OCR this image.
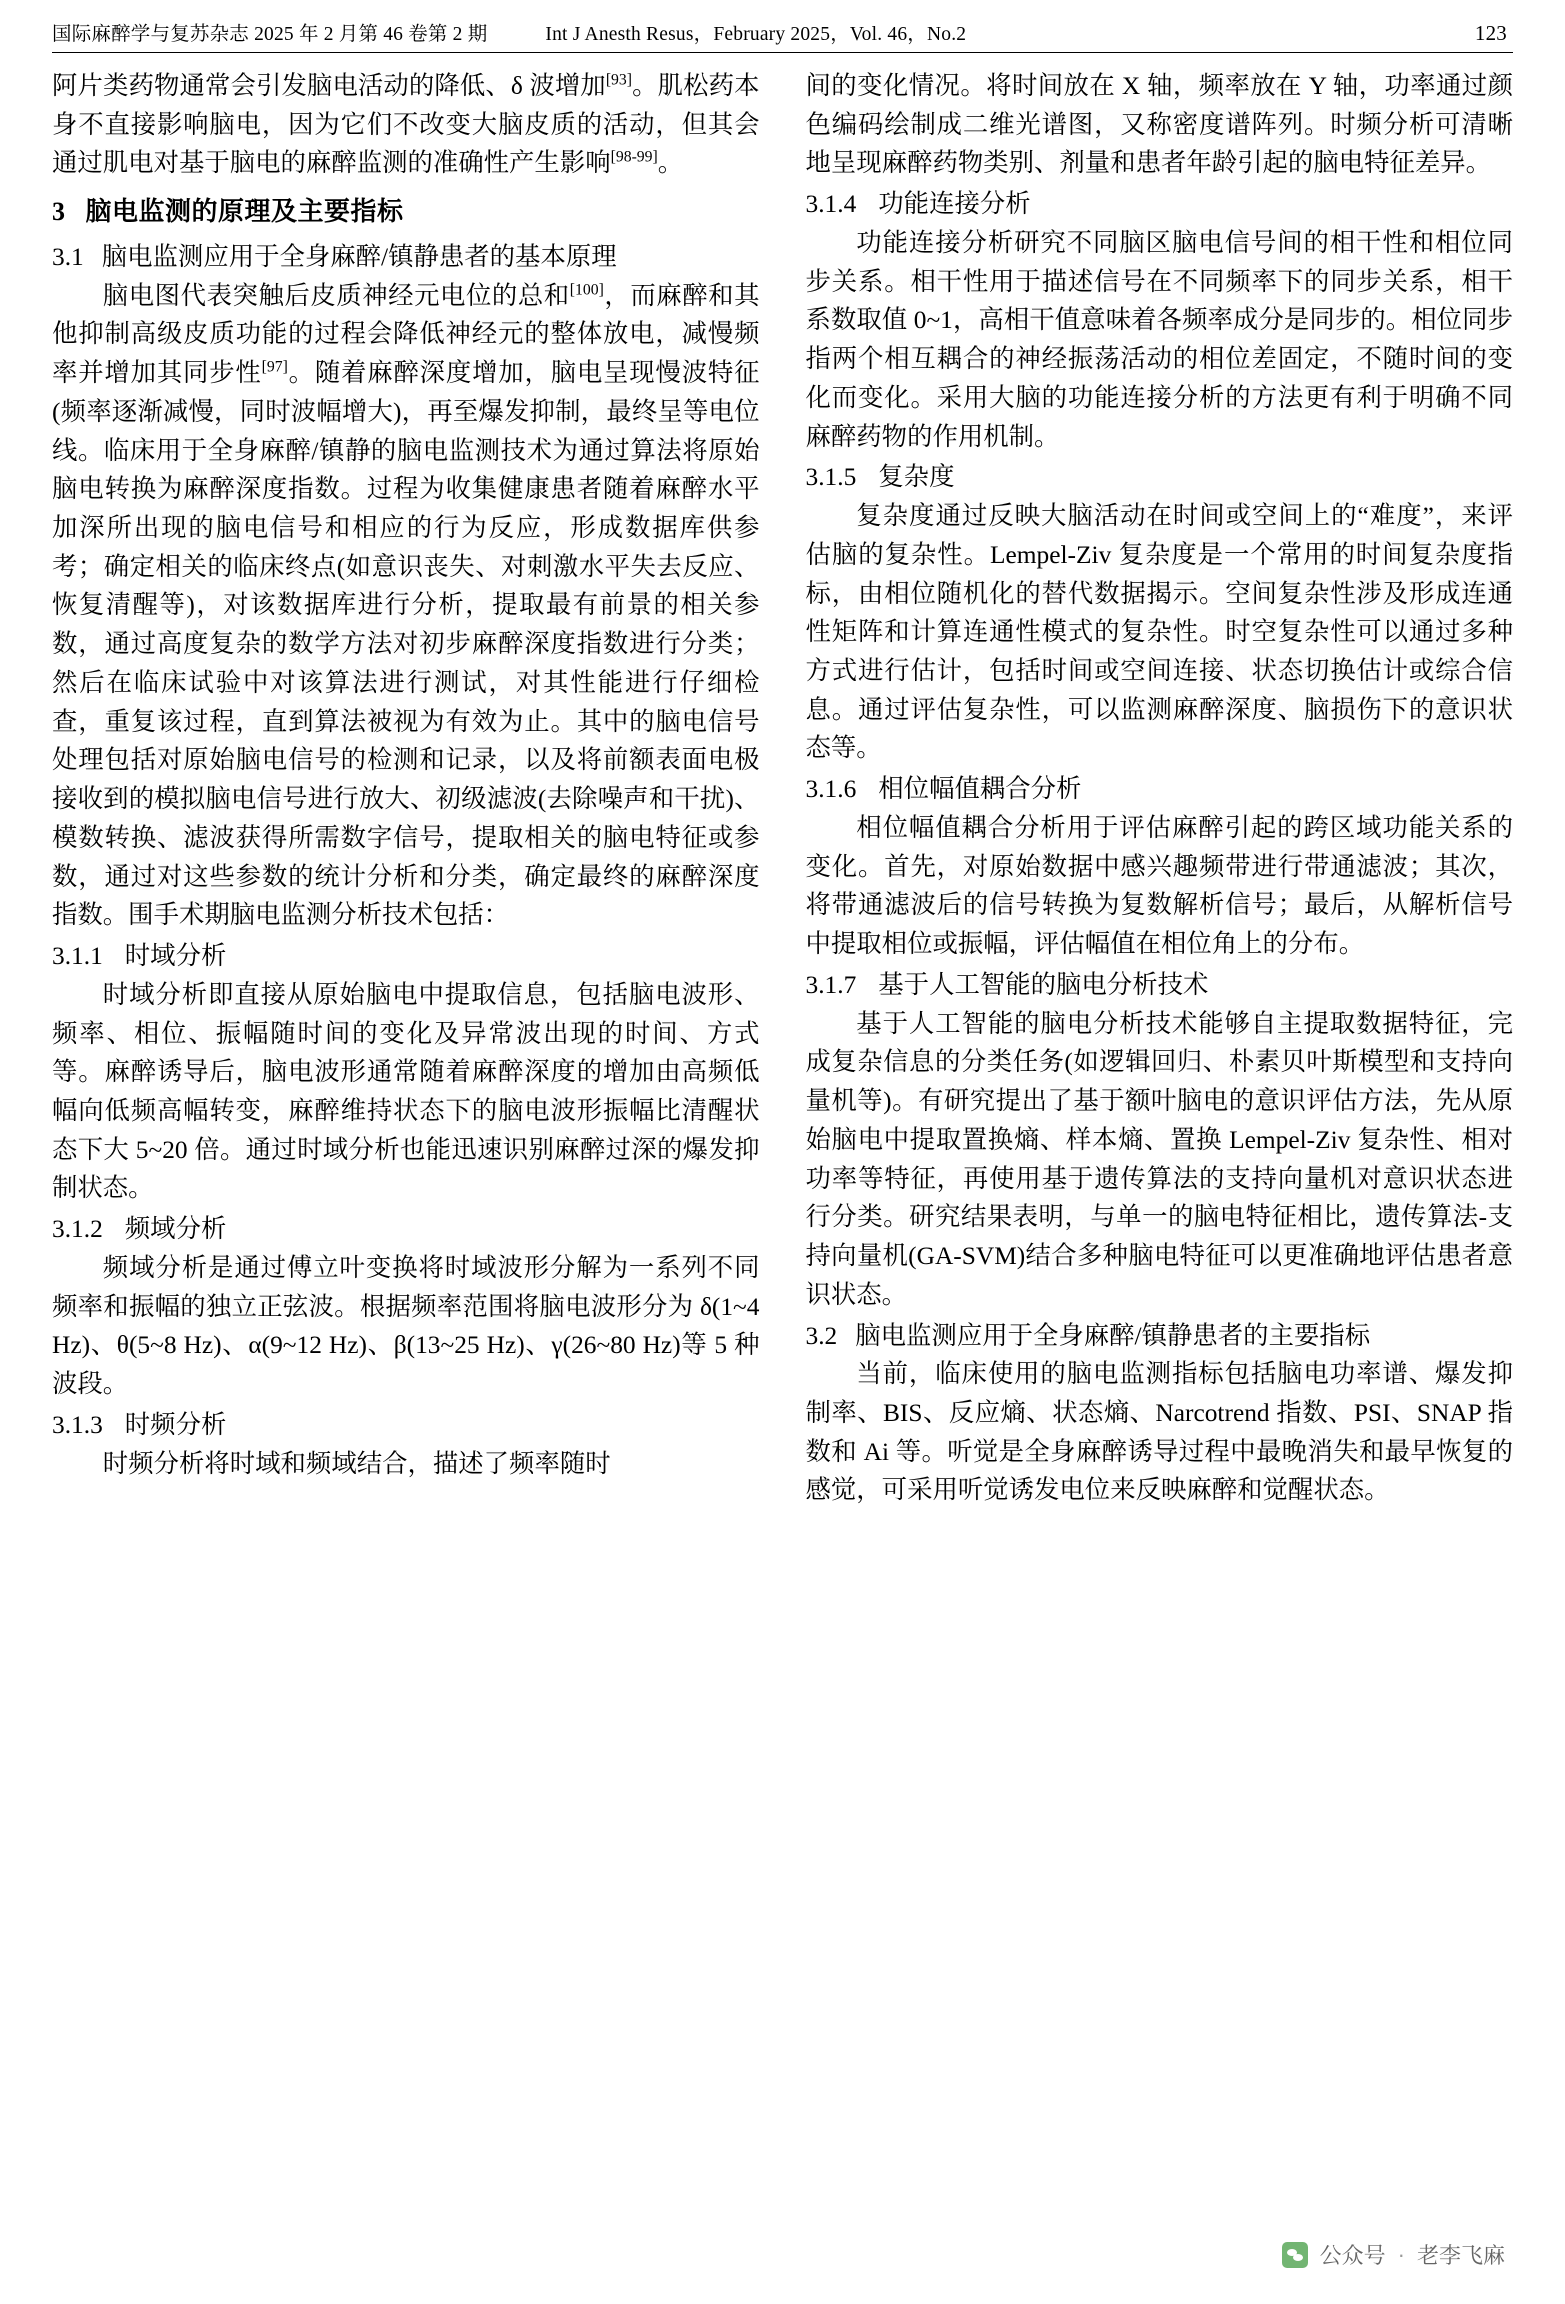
国际麻醉学与复苏杂志 2025 年 2 月第 46 卷第 2 期	Int J Anesth Resus，February 2025，Vol. 46，No.2	123

阿片类药物通常会引发脑电活动的降低、δ 波增加[93]。肌松药本身不直接影响脑电，因为它们不改变大脑皮质的活动，但其会通过肌电对基于脑电的麻醉监测的准确性产生影响[98-99]。

3 脑电监测的原理及主要指标
3.1 脑电监测应用于全身麻醉/镇静患者的基本原理

脑电图代表突触后皮质神经元电位的总和[100]，而麻醉和其他抑制高级皮质功能的过程会降低神经元的整体放电，减慢频率并增加其同步性[97]。随着麻醉深度增加，脑电呈现慢波特征(频率逐渐减慢，同时波幅增大)，再至爆发抑制，最终呈等电位线。临床用于全身麻醉/镇静的脑电监测技术为通过算法将原始脑电转换为麻醉深度指数。过程为收集健康患者随着麻醉水平加深所出现的脑电信号和相应的行为反应，形成数据库供参考；确定相关的临床终点(如意识丧失、对刺激水平失去反应、恢复清醒等)，对该数据库进行分析，提取最有前景的相关参数，通过高度复杂的数学方法对初步麻醉深度指数进行分类；然后在临床试验中对该算法进行测试，对其性能进行仔细检查，重复该过程，直到算法被视为有效为止。其中的脑电信号处理包括对原始脑电信号的检测和记录，以及将前额表面电极接收到的模拟脑电信号进行放大、初级滤波(去除噪声和干扰)、模数转换、滤波获得所需数字信号，提取相关的脑电特征或参数，通过对这些参数的统计分析和分类，确定最终的麻醉深度指数。围手术期脑电监测分析技术包括：

3.1.1 时域分析

时域分析即直接从原始脑电中提取信息，包括脑电波形、频率、相位、振幅随时间的变化及异常波出现的时间、方式等。麻醉诱导后，脑电波形通常随着麻醉深度的增加由高频低幅向低频高幅转变，麻醉维持状态下的脑电波形振幅比清醒状态下大 5~20 倍。通过时域分析也能迅速识别麻醉过深的爆发抑制状态。

3.1.2 频域分析

频域分析是通过傅立叶变换将时域波形分解为一系列不同频率和振幅的独立正弦波。根据频率范围将脑电波形分为 δ(1~4 Hz)、θ(5~8 Hz)、α(9~12 Hz)、β(13~25 Hz)、γ(26~80 Hz)等 5 种波段。

3.1.3 时频分析

时频分析将时域和频域结合，描述了频率随时

间的变化情况。将时间放在 X 轴，频率放在 Y 轴，功率通过颜色编码绘制成二维光谱图，又称密度谱阵列。时频分析可清晰地呈现麻醉药物类别、剂量和患者年龄引起的脑电特征差异。

3.1.4 功能连接分析

功能连接分析研究不同脑区脑电信号间的相干性和相位同步关系。相干性用于描述信号在不同频率下的同步关系，相干系数取值 0~1，高相干值意味着各频率成分是同步的。相位同步指两个相互耦合的神经振荡活动的相位差固定，不随时间的变化而变化。采用大脑的功能连接分析的方法更有利于明确不同麻醉药物的作用机制。

3.1.5 复杂度

复杂度通过反映大脑活动在时间或空间上的“难度”，来评估脑的复杂性。Lempel-Ziv 复杂度是一个常用的时间复杂度指标，由相位随机化的替代数据揭示。空间复杂性涉及形成连通性矩阵和计算连通性模式的复杂性。时空复杂性可以通过多种方式进行估计，包括时间或空间连接、状态切换估计或综合信息。通过评估复杂性，可以监测麻醉深度、脑损伤下的意识状态等。

3.1.6 相位幅值耦合分析

相位幅值耦合分析用于评估麻醉引起的跨区域功能关系的变化。首先，对原始数据中感兴趣频带进行带通滤波；其次，将带通滤波后的信号转换为复数解析信号；最后，从解析信号中提取相位或振幅，评估幅值在相位角上的分布。

3.1.7 基于人工智能的脑电分析技术

基于人工智能的脑电分析技术能够自主提取数据特征，完成复杂信息的分类任务(如逻辑回归、朴素贝叶斯模型和支持向量机等)。有研究提出了基于额叶脑电的意识评估方法，先从原始脑电中提取置换熵、样本熵、置换 Lempel-Ziv 复杂性、相对功率等特征，再使用基于遗传算法的支持向量机对意识状态进行分类。研究结果表明，与单一的脑电特征相比，遗传算法-支持向量机(GA-SVM)结合多种脑电特征可以更准确地评估患者意识状态。

3.2 脑电监测应用于全身麻醉/镇静患者的主要指标

当前，临床使用的脑电监测指标包括脑电功率谱、爆发抑制率、BIS、反应熵、状态熵、Narcotrend 指数、PSI、SNAP 指数和 Ai 等。听觉是全身麻醉诱导过程中最晚消失和最早恢复的感觉，可采用听觉诱发电位来反映麻醉和觉醒状态。

公众号 · 老李飞麻
